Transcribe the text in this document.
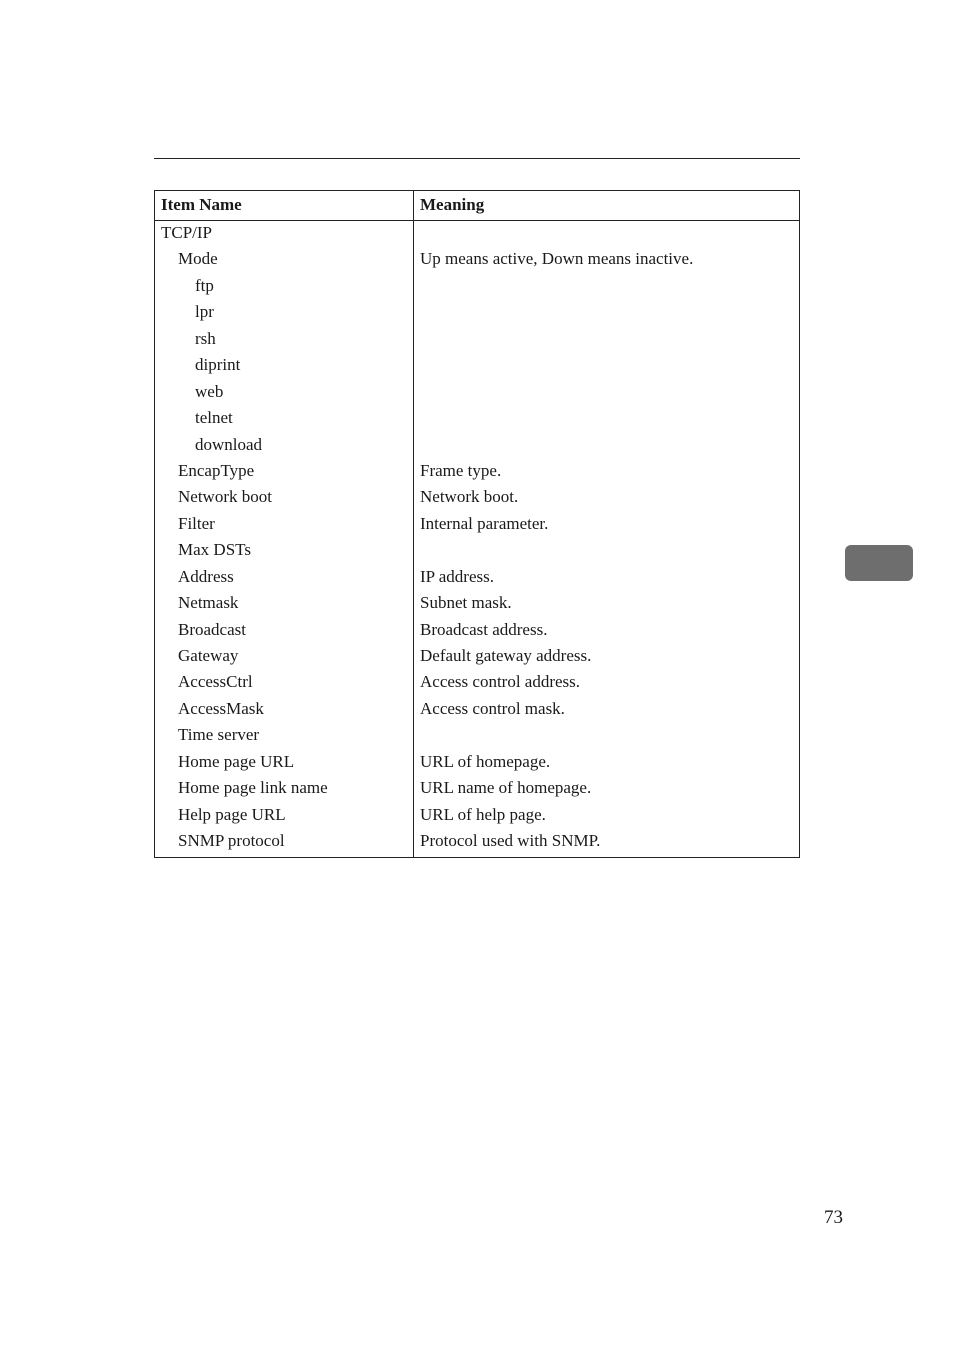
Item Name	Meaning
TCP/IP
Mode	Up means active, Down means inactive.
ftp
lpr
rsh
diprint
web
telnet
download
EncapType	Frame type.
Network boot	Network boot.
Filter	Internal parameter.
Max DSTs
Address	IP address.
Netmask	Subnet mask.
Broadcast	Broadcast address.
Gateway	Default gateway address.
AccessCtrl	Access control address.
AccessMask	Access control mask.
Time server
Home page URL	URL of homepage.
Home page link name	URL name of homepage.
Help page URL	URL of help page.
SNMP protocol	Protocol used with SNMP.
73
